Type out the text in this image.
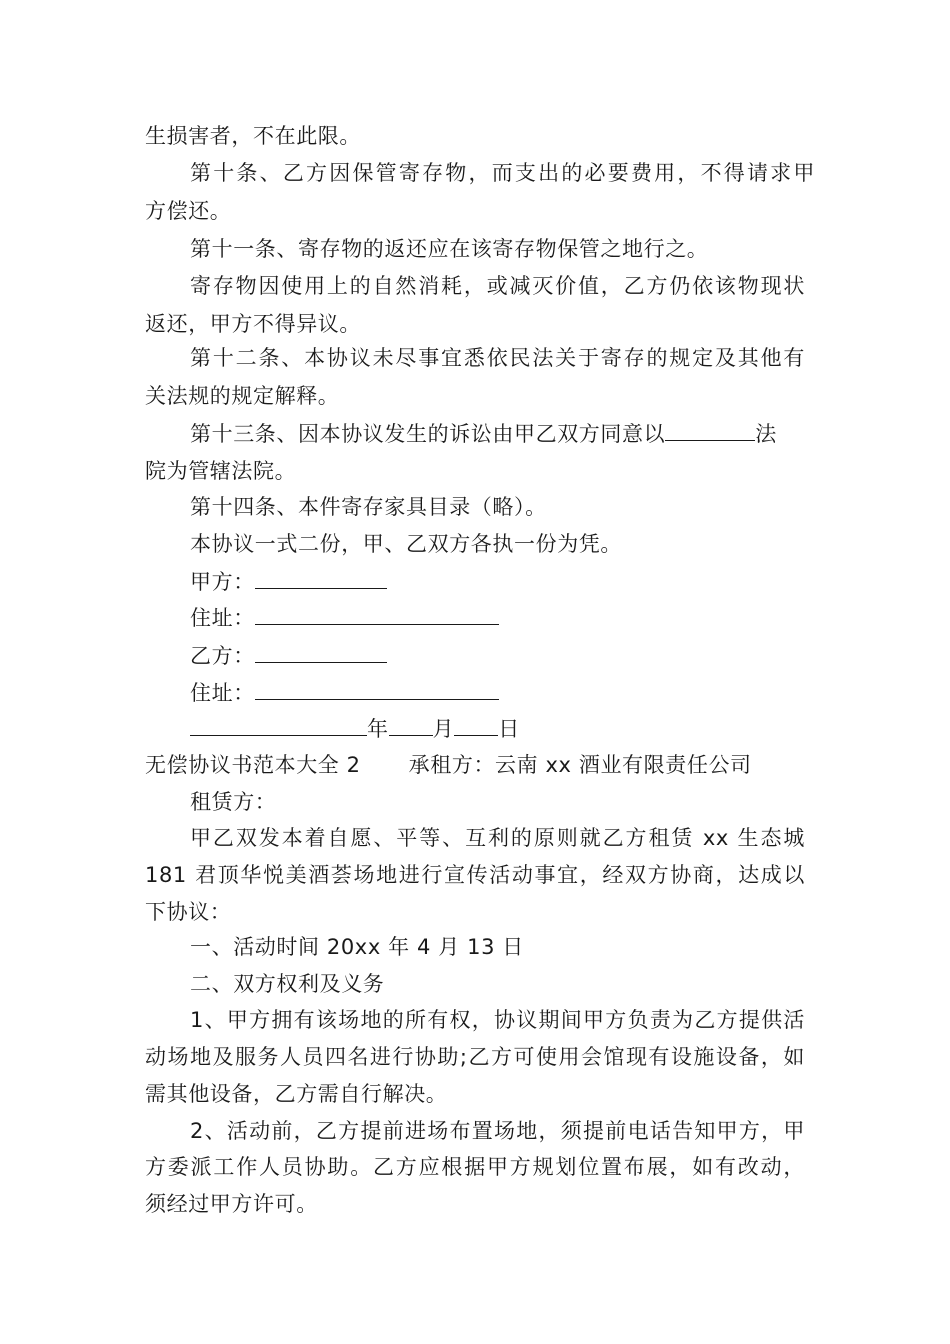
生损害者，不在此限。
第十条、乙方因保管寄存物，而支出的必要费用，不得请求甲
方偿还。
第十一条、寄存物的返还应在该寄存物保管之地行之。
寄存物因使用上的自然消耗，或减灭价值，乙方仍依该物现状
返还，甲方不得异议。
第十二条、本协议未尽事宜悉依民法关于寄存的规定及其他有
关法规的规定解释。
第十三条、因本协议发生的诉讼由甲乙双方同意以	法
院为管辖法院。
第十四条、本件寄存家具目录（略）。
本协议一式二份，甲、乙双方各执一份为凭。
甲方：
住址：
乙方：
住址：
年 月 日
无偿协议书范本大全 2 承租方：云南 xx 酒业有限责任公司
租赁方：
甲乙双发本着自愿、平等、互利的原则就乙方租赁 xx 生态城
181 君顶华悦美酒荟场地进行宣传活动事宜，经双方协商，达成以
下协议：
一、活动时间 20xx 年 4 月 13 日
二、双方权利及义务
1、甲方拥有该场地的所有权，协议期间甲方负责为乙方提供活
动场地及服务人员四名进行协助;乙方可使用会馆现有设施设备，如
需其他设备，乙方需自行解决。
2、活动前，乙方提前进场布置场地，须提前电话告知甲方，甲
方委派工作人员协助。乙方应根据甲方规划位置布展，如有改动，
须经过甲方许可。
